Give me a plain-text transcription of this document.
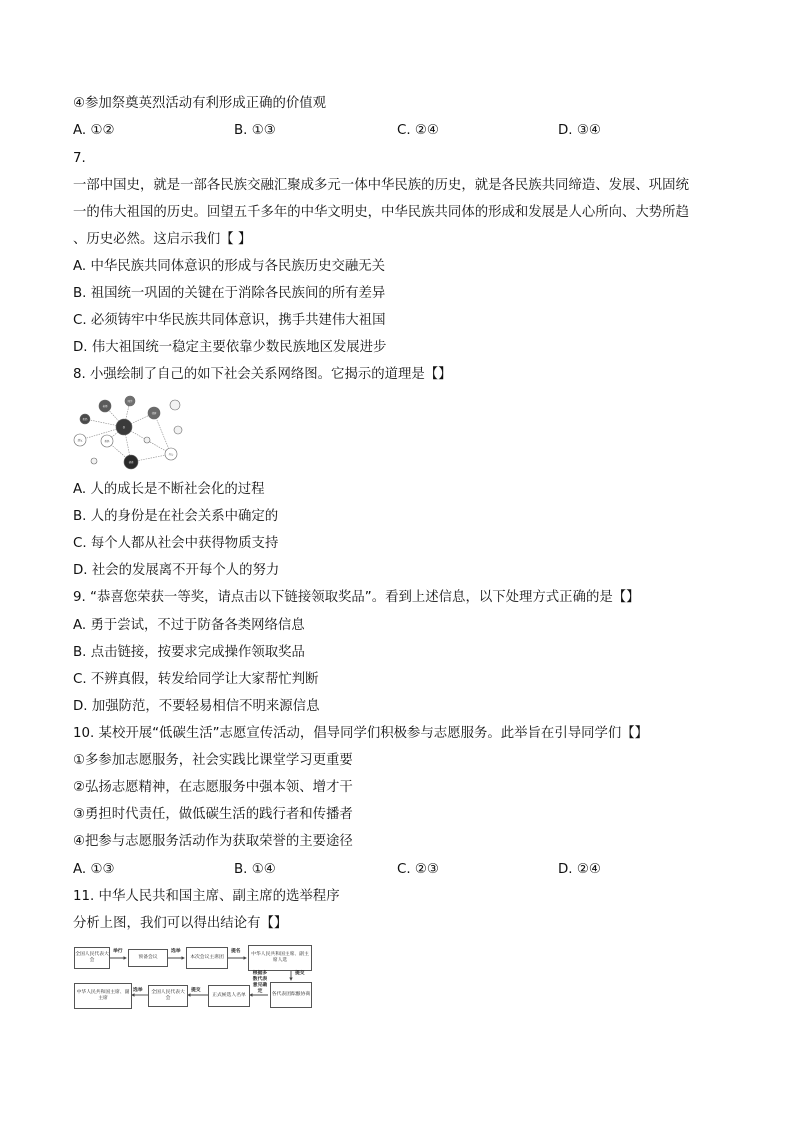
④参加祭奠英烈活动有利形成正确的价值观
A. ①②	B. ①③	C. ②④	D. ③④
7.
一部中国史，就是一部各民族交融汇聚成多元一体中华民族的历史，就是各民族共同缔造、发展、巩固统
一的伟大祖国的历史。回望五千多年的中华文明史，中华民族共同体的形成和发展是人心所向、大势所趋
、历史必然。这启示我们【 】
A. 中华民族共同体意识的形成与各民族历史交融无关
B. 祖国统一巩固的关键在于消除各民族间的所有差异
C. 必须铸牢中华民族共同体意识，携手共建伟大祖国
D. 伟大祖国统一稳定主要依靠少数民族地区发展进步
8. 小强绘制了自己的如下社会关系网络图。它揭示的道理是【】
老师
同学
邻居
我
妈妈
爸爸
奶奶
朋友
外公
A. 人的成长是不断社会化的过程
B. 人的身份是在社会关系中确定的
C. 每个人都从社会中获得物质支持
D. 社会的发展离不开每个人的努力
9. “恭喜您荣获一等奖，请点击以下链接领取奖品”。看到上述信息，以下处理方式正确的是【】
A. 勇于尝试，不过于防备各类网络信息
B. 点击链接，按要求完成操作领取奖品
C. 不辨真假，转发给同学让大家帮忙判断
D. 加强防范，不要轻易相信不明来源信息
10. 某校开展“低碳生活”志愿宣传活动，倡导同学们积极参与志愿服务。此举旨在引导同学们【】
①多参加志愿服务，社会实践比课堂学习更重要
②弘扬志愿精神，在志愿服务中强本领、增才干
③勇担时代责任，做低碳生活的践行者和传播者
④把参与志愿服务活动作为获取荣誉的主要途径
A. ①③	B. ①④	C. ②③	D. ②④
11. 中华人民共和国主席、副主席的选举程序
分析上图，我们可以得出结论有【】
全国人民代表大会
预备会议	本次会议主席团
中华人民共和国主席、副主席人选
各代表团酝酿协商
正式候选人名单
全国人民代表大会
中华人民共和国主席、副主席
举行	选举	提名
提交
根据多数代表意见确定
提交
选举
